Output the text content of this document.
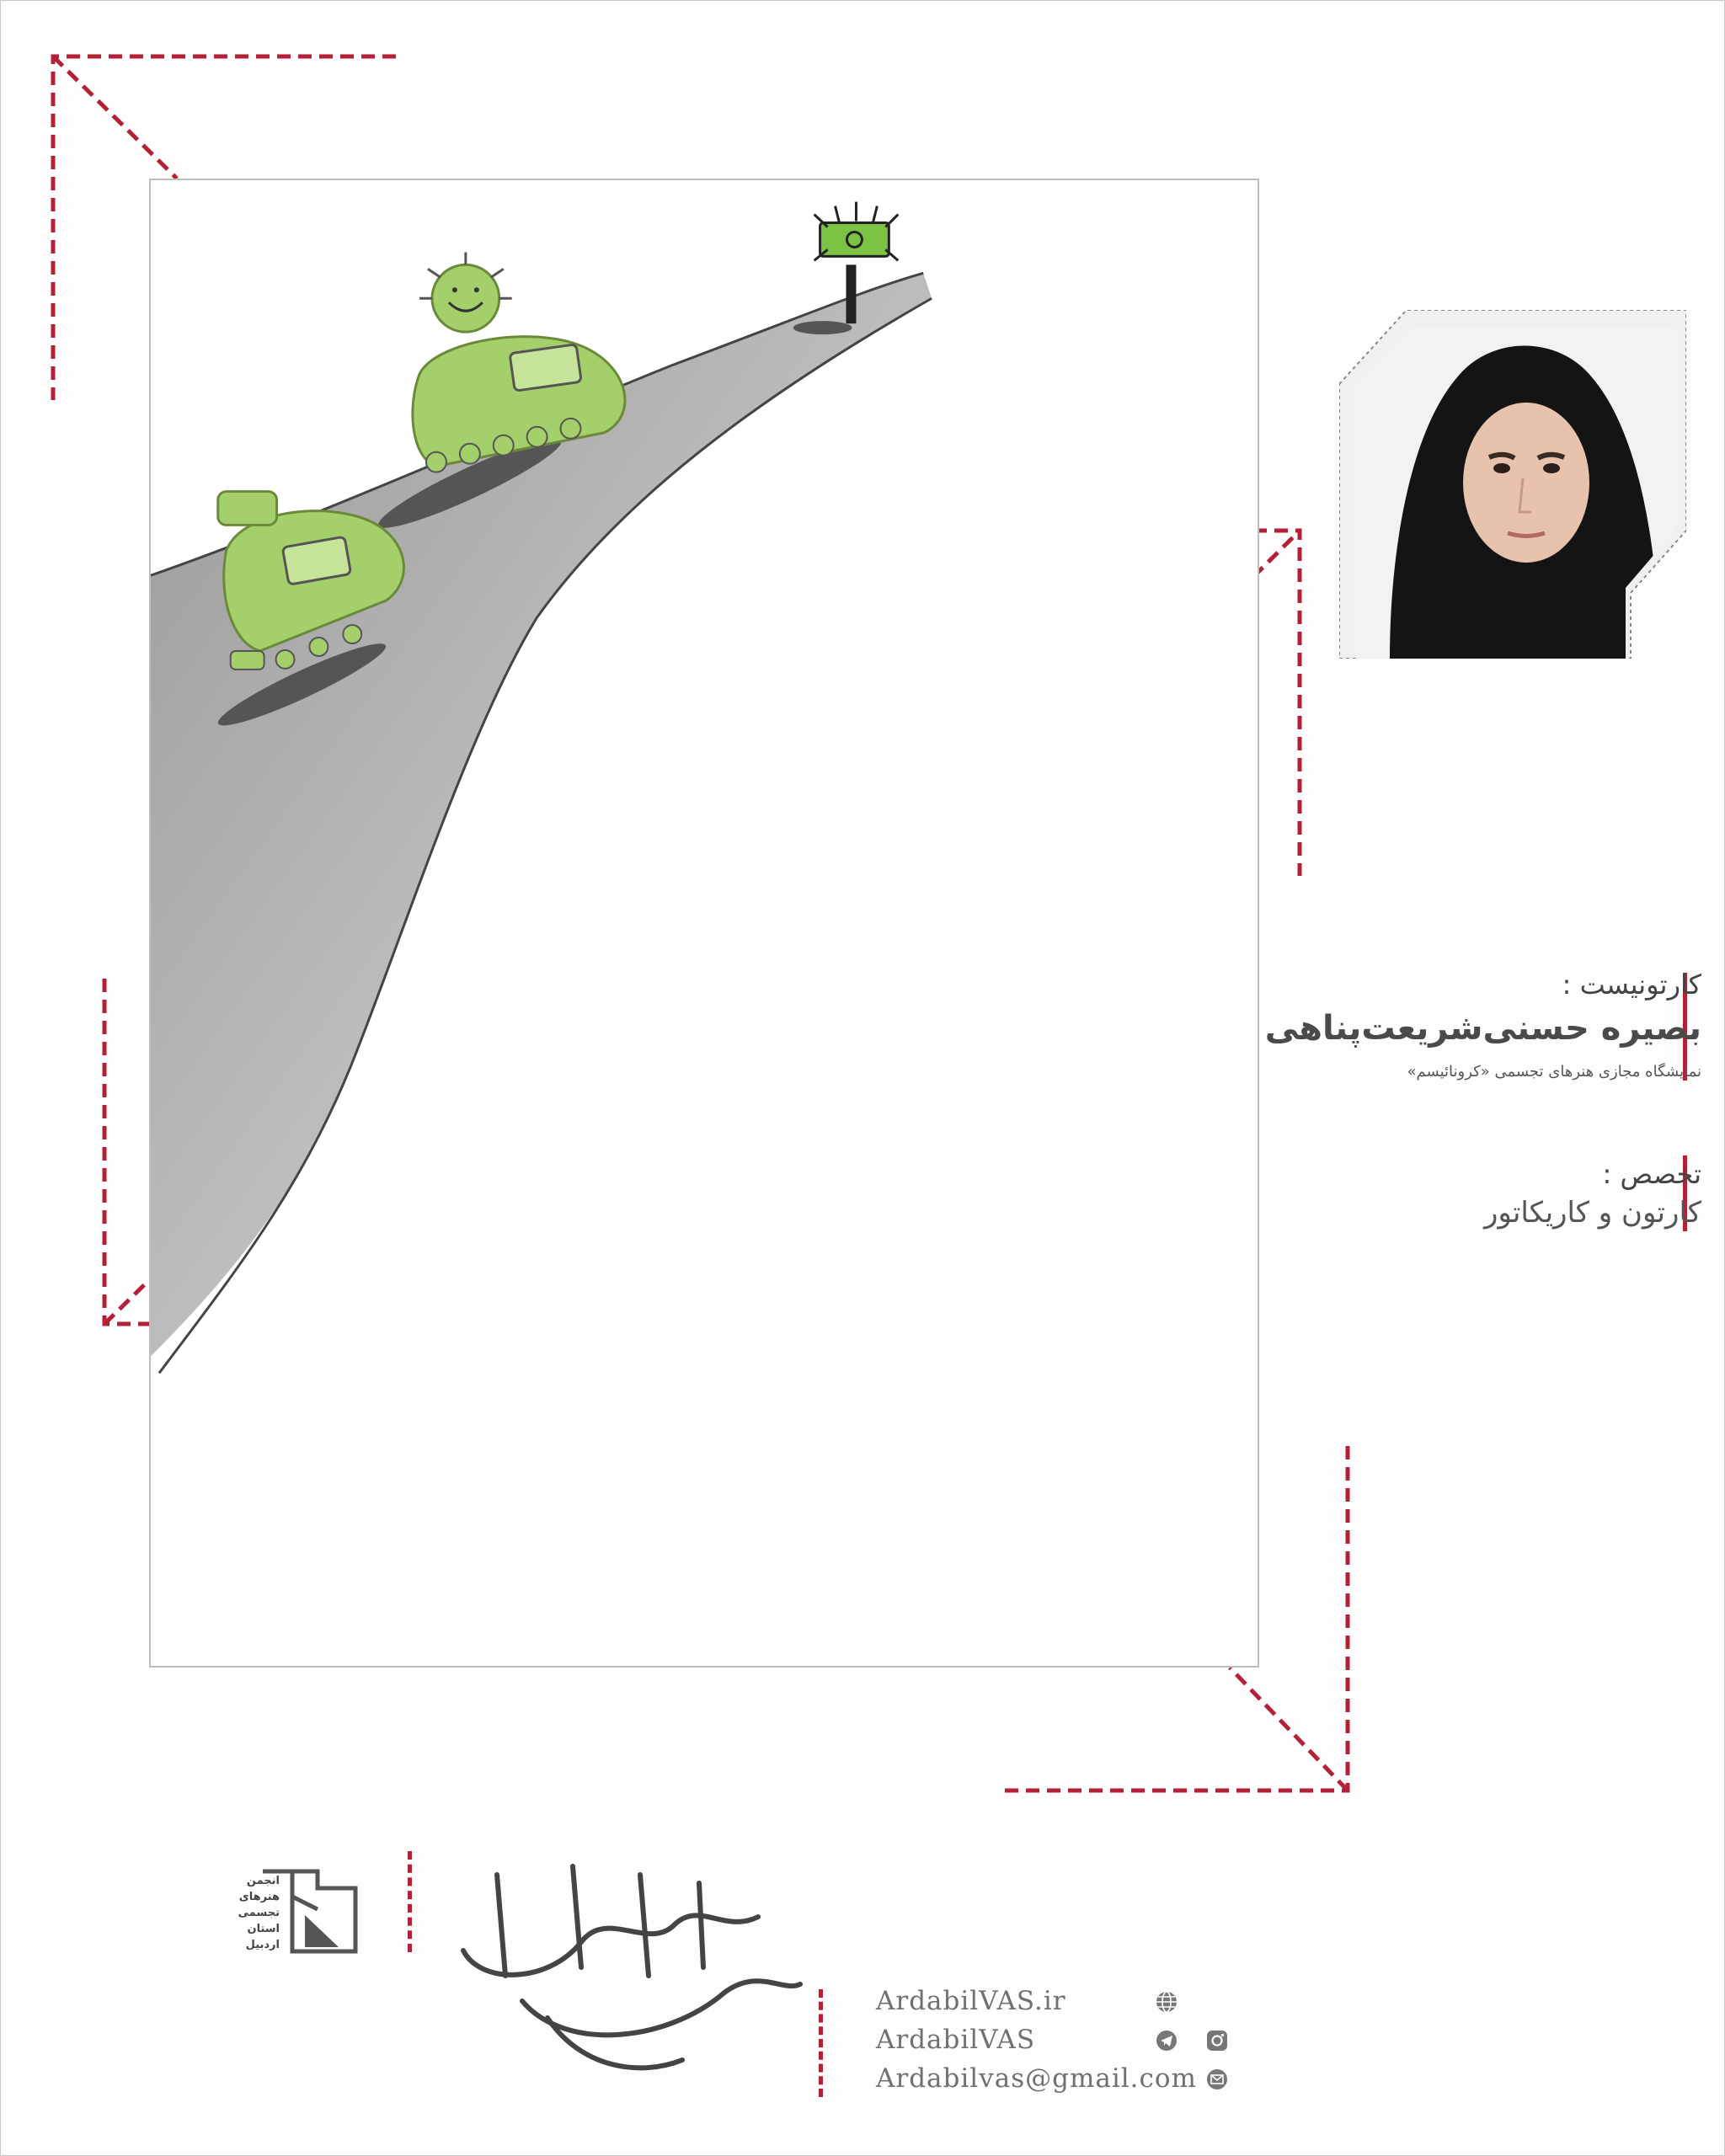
کارتونیست :
بصیره حسنی‌شریعت‌پناهی
نمایشگاه مجازی هنرهای تجسمی «کرونائیسم»
تخصص :
کارتون و کاریکاتور
انجمن
هنرهای
تجسمی
استان اردبیل
ArdabilVAS.ir
ArdabilVAS
Ardabilvas@gmail.com
